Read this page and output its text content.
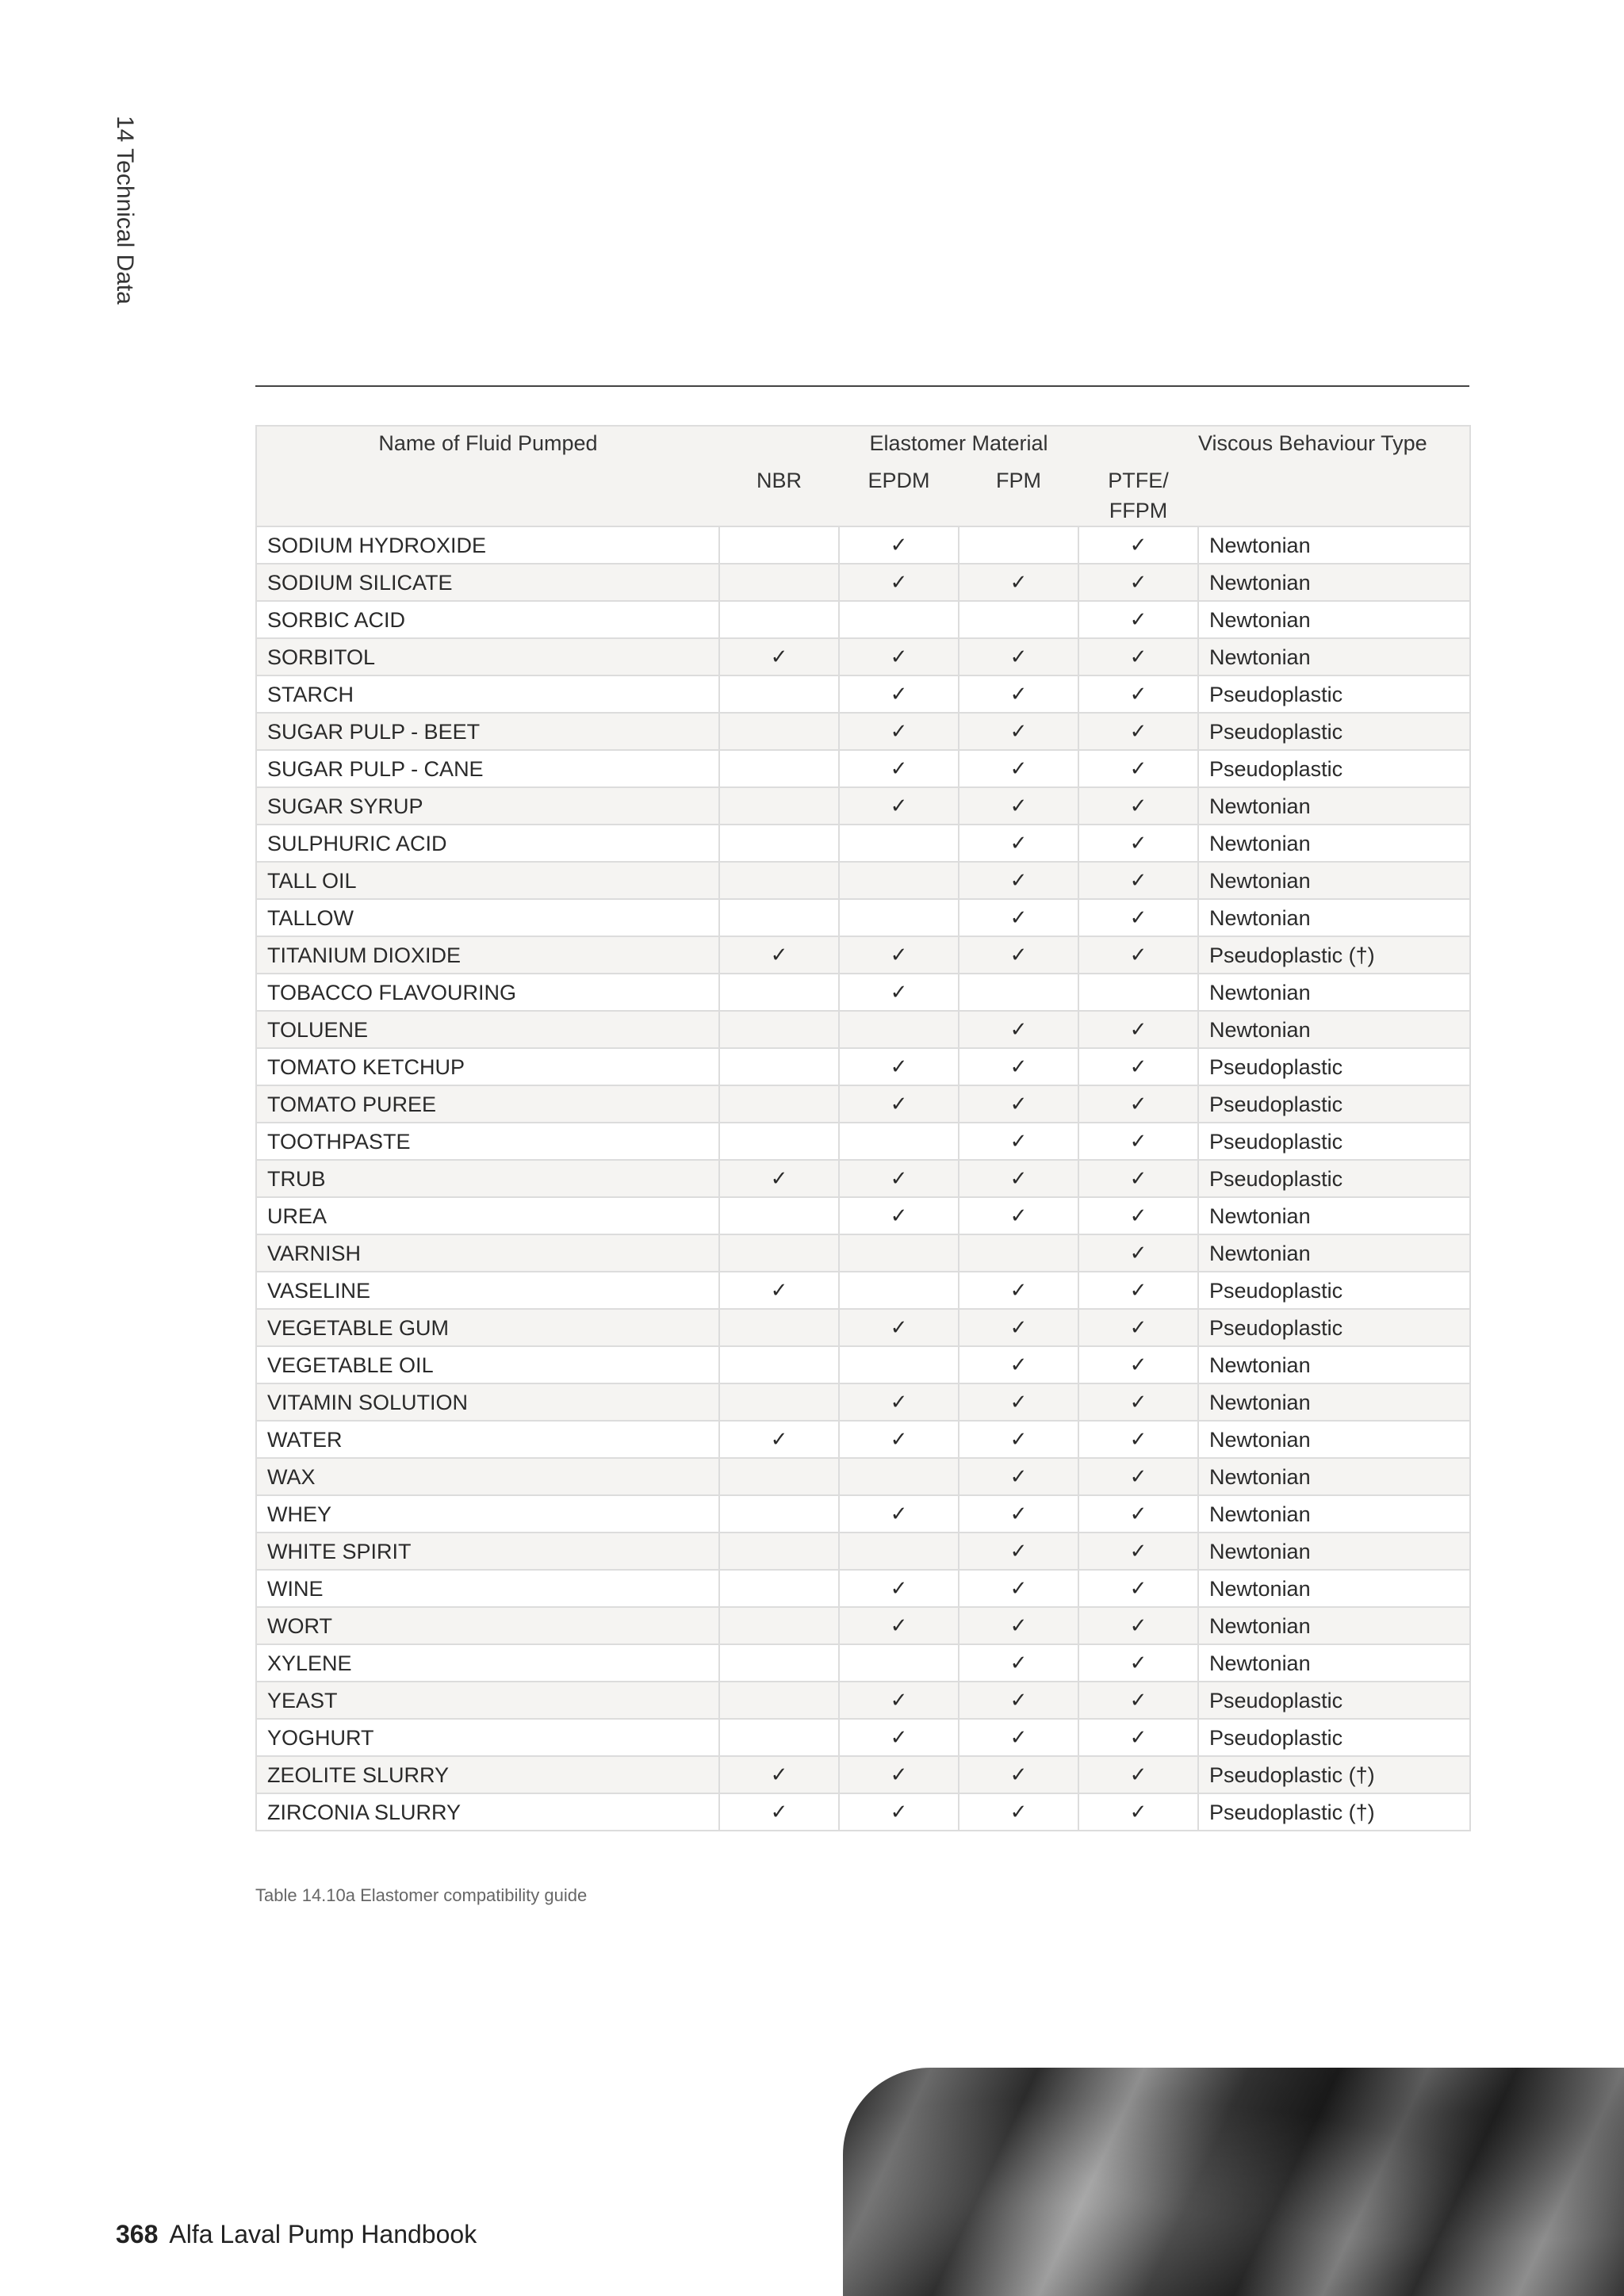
14 Technical Data
Name of Fluid Pumped	Elastomer Material				Viscous Behaviour Type
	NBR	EPDM	FPM	PTFE/
FFPM	
SODIUM HYDROXIDE		✓		✓	Newtonian
SODIUM SILICATE		✓	✓	✓	Newtonian
SORBIC ACID				✓	Newtonian
SORBITOL	✓	✓	✓	✓	Newtonian
STARCH		✓	✓	✓	Pseudoplastic
SUGAR PULP - BEET		✓	✓	✓	Pseudoplastic
SUGAR PULP - CANE		✓	✓	✓	Pseudoplastic
SUGAR SYRUP		✓	✓	✓	Newtonian
SULPHURIC ACID			✓	✓	Newtonian
TALL OIL			✓	✓	Newtonian
TALLOW			✓	✓	Newtonian
TITANIUM DIOXIDE	✓	✓	✓	✓	Pseudoplastic (†)
TOBACCO FLAVOURING		✓			Newtonian
TOLUENE			✓	✓	Newtonian
TOMATO KETCHUP		✓	✓	✓	Pseudoplastic
TOMATO PUREE		✓	✓	✓	Pseudoplastic
TOOTHPASTE			✓	✓	Pseudoplastic
TRUB	✓	✓	✓	✓	Pseudoplastic
UREA		✓	✓	✓	Newtonian
VARNISH				✓	Newtonian
VASELINE	✓		✓	✓	Pseudoplastic
VEGETABLE GUM		✓	✓	✓	Pseudoplastic
VEGETABLE OIL			✓	✓	Newtonian
VITAMIN SOLUTION		✓	✓	✓	Newtonian
WATER	✓	✓	✓	✓	Newtonian
WAX			✓	✓	Newtonian
WHEY		✓	✓	✓	Newtonian
WHITE SPIRIT			✓	✓	Newtonian
WINE		✓	✓	✓	Newtonian
WORT		✓	✓	✓	Newtonian
XYLENE			✓	✓	Newtonian
YEAST		✓	✓	✓	Pseudoplastic
YOGHURT		✓	✓	✓	Pseudoplastic
ZEOLITE SLURRY	✓	✓	✓	✓	Pseudoplastic (†)
ZIRCONIA SLURRY	✓	✓	✓	✓	Pseudoplastic (†)
Table 14.10a Elastomer compatibility guide
368 Alfa Laval Pump Handbook
